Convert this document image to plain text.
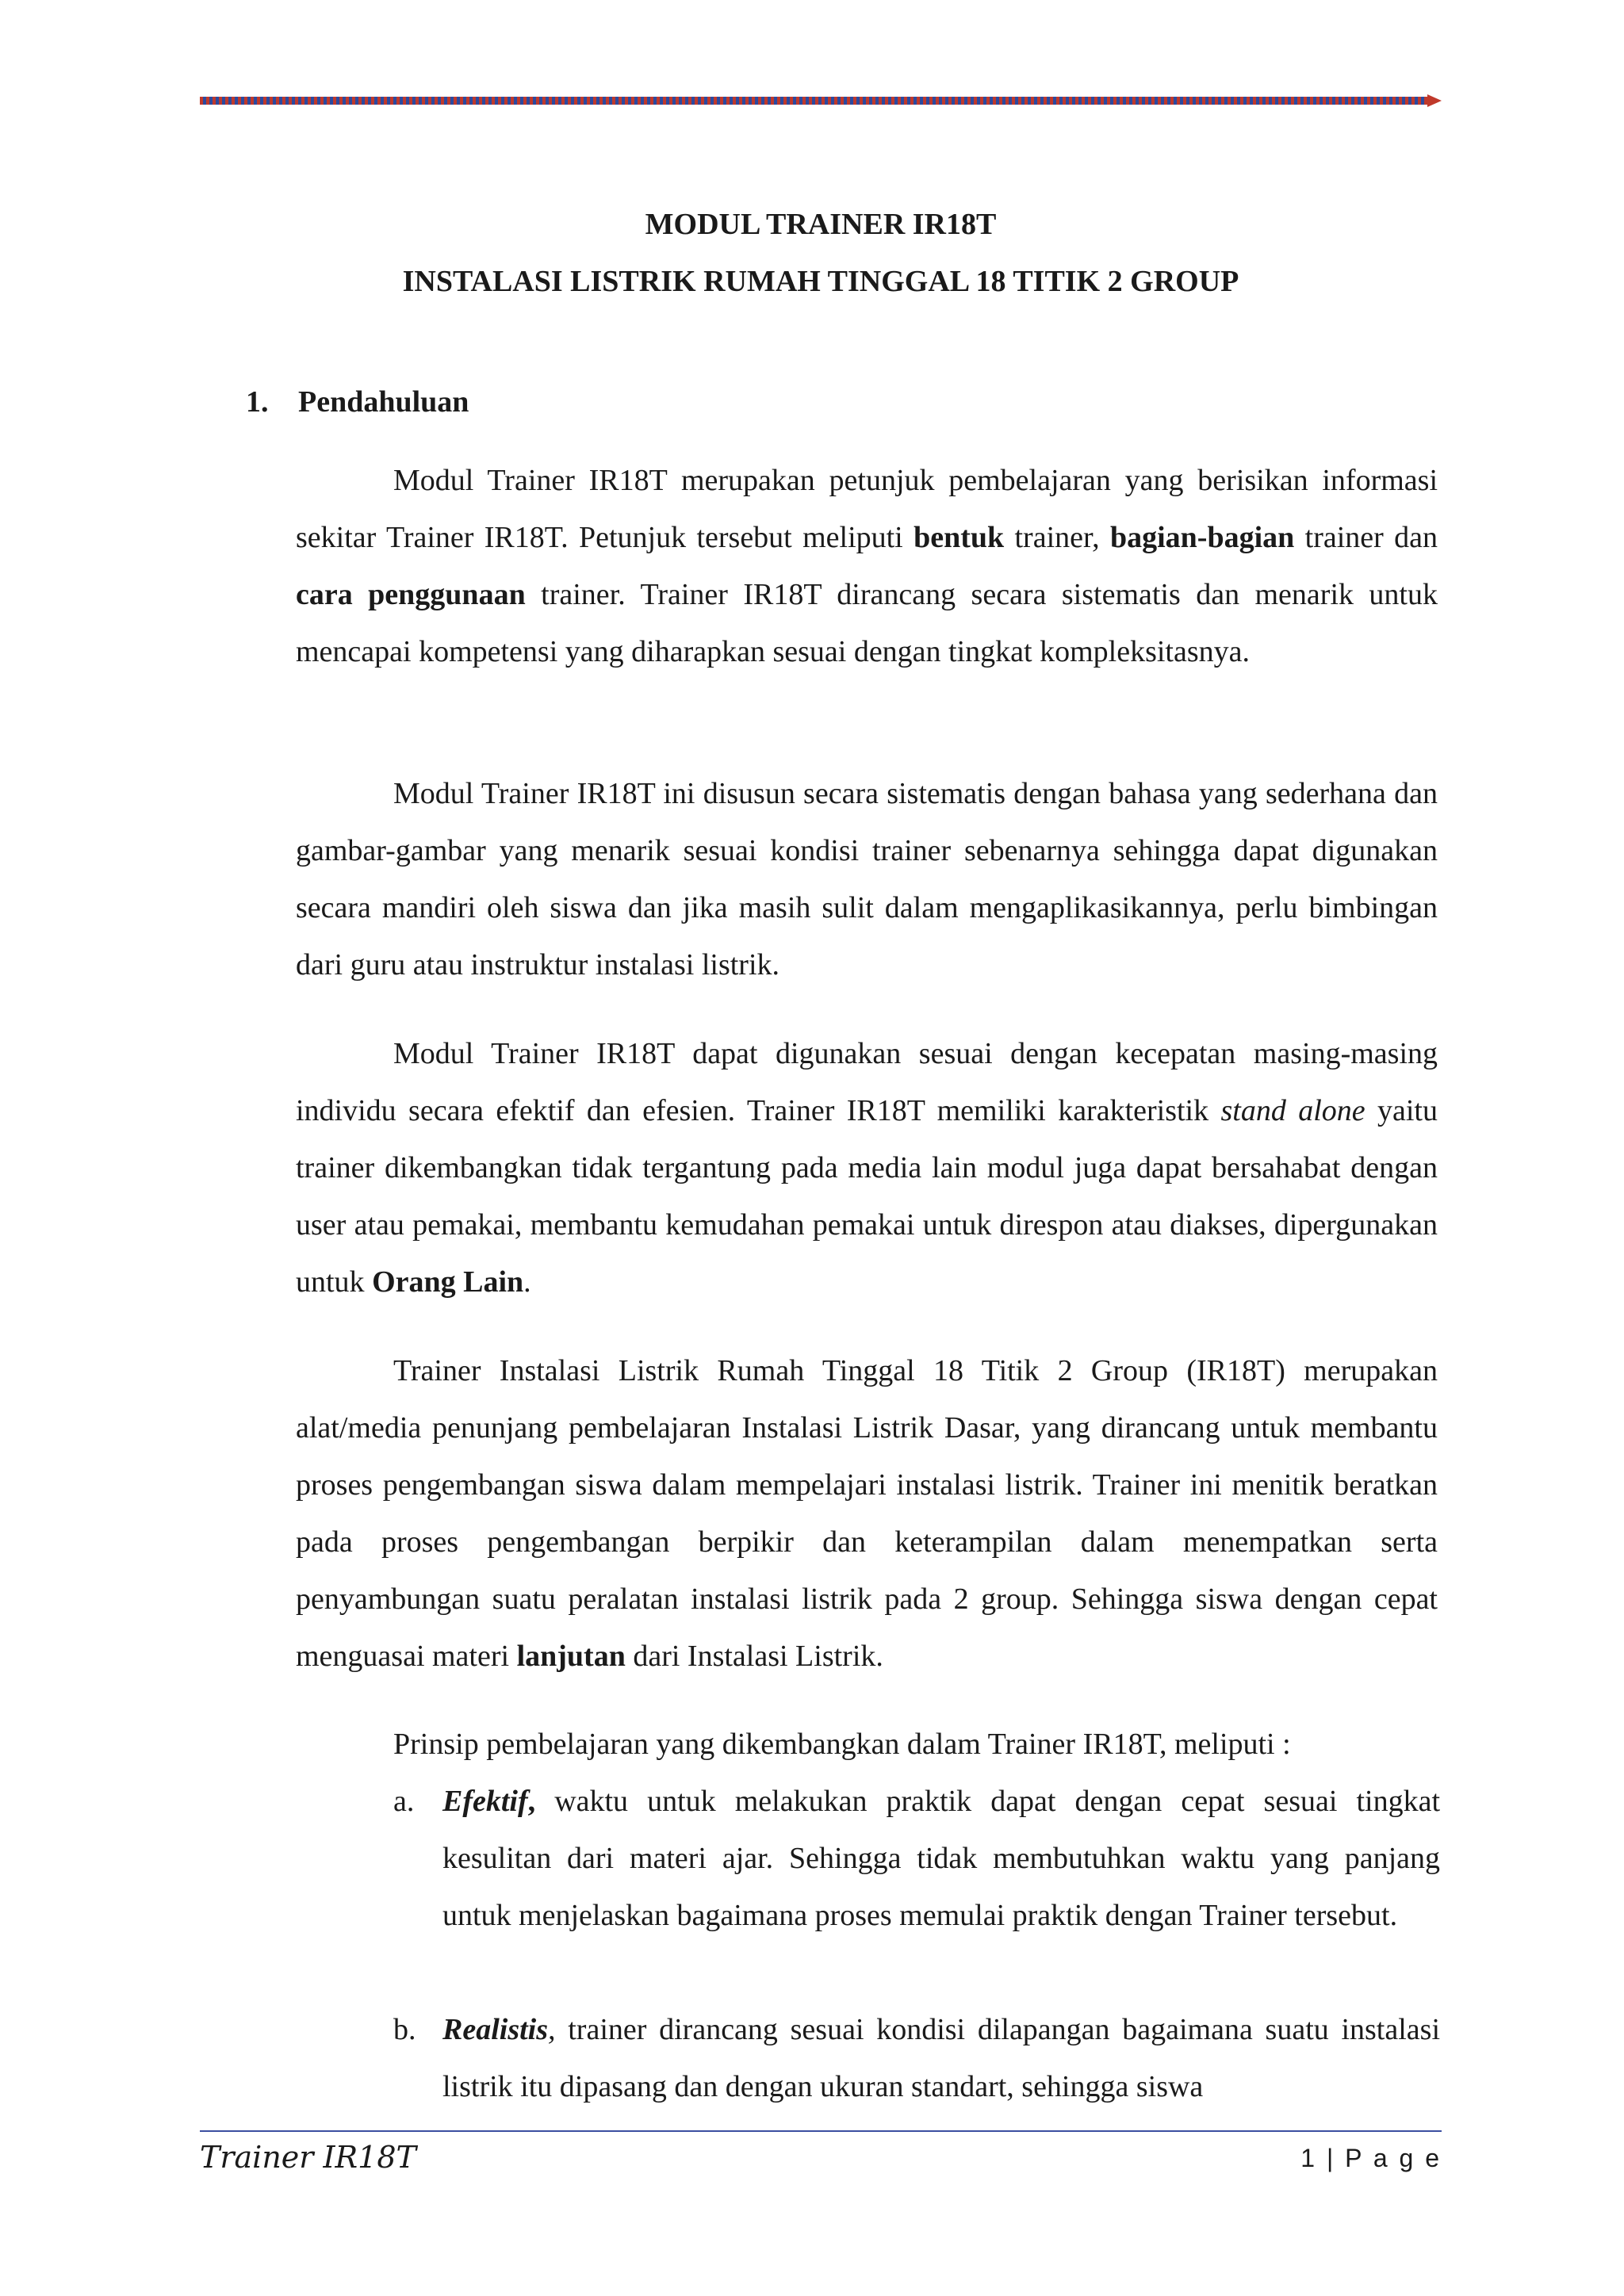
MODUL TRAINER IR18T
INSTALASI LISTRIK RUMAH TINGGAL 18 TITIK 2 GROUP
1. Pendahuluan

Modul Trainer IR18T merupakan petunjuk pembelajaran yang berisikan informasi sekitar Trainer IR18T. Petunjuk tersebut meliputi bentuk trainer, bagian-bagian trainer dan cara penggunaan trainer. Trainer IR18T dirancang secara sistematis dan menarik untuk mencapai kompetensi yang diharapkan sesuai dengan tingkat kompleksitasnya.

Modul Trainer IR18T ini disusun secara sistematis dengan bahasa yang sederhana dan gambar-gambar yang menarik sesuai kondisi trainer sebenarnya sehingga dapat digunakan secara mandiri oleh siswa dan jika masih sulit dalam mengaplikasikannya, perlu bimbingan dari guru atau instruktur instalasi listrik.

Modul Trainer IR18T dapat digunakan sesuai dengan kecepatan masing-masing individu secara efektif dan efesien. Trainer IR18T memiliki karakteristik stand alone yaitu trainer dikembangkan tidak tergantung pada media lain modul juga dapat bersahabat dengan user atau pemakai, membantu kemudahan pemakai untuk direspon atau diakses, dipergunakan untuk Orang Lain.

Trainer Instalasi Listrik Rumah Tinggal 18 Titik 2 Group (IR18T) merupakan alat/media penunjang pembelajaran Instalasi Listrik Dasar, yang dirancang untuk membantu proses pengembangan siswa dalam mempelajari instalasi listrik. Trainer ini menitik beratkan pada proses pengembangan berpikir dan keterampilan dalam menempatkan serta penyambungan suatu peralatan instalasi listrik pada 2 group. Sehingga siswa dengan cepat menguasai materi lanjutan dari Instalasi Listrik.

Prinsip pembelajaran yang dikembangkan dalam Trainer IR18T, meliputi :

a. Efektif, waktu untuk melakukan praktik dapat dengan cepat sesuai tingkat kesulitan dari materi ajar. Sehingga tidak membutuhkan waktu yang panjang untuk menjelaskan bagaimana proses memulai praktik dengan Trainer tersebut.
b. Realistis, trainer dirancang sesuai kondisi dilapangan bagaimana suatu instalasi listrik itu dipasang dan dengan ukuran standart, sehingga siswa
Trainer IR18T	1 | P a g e
